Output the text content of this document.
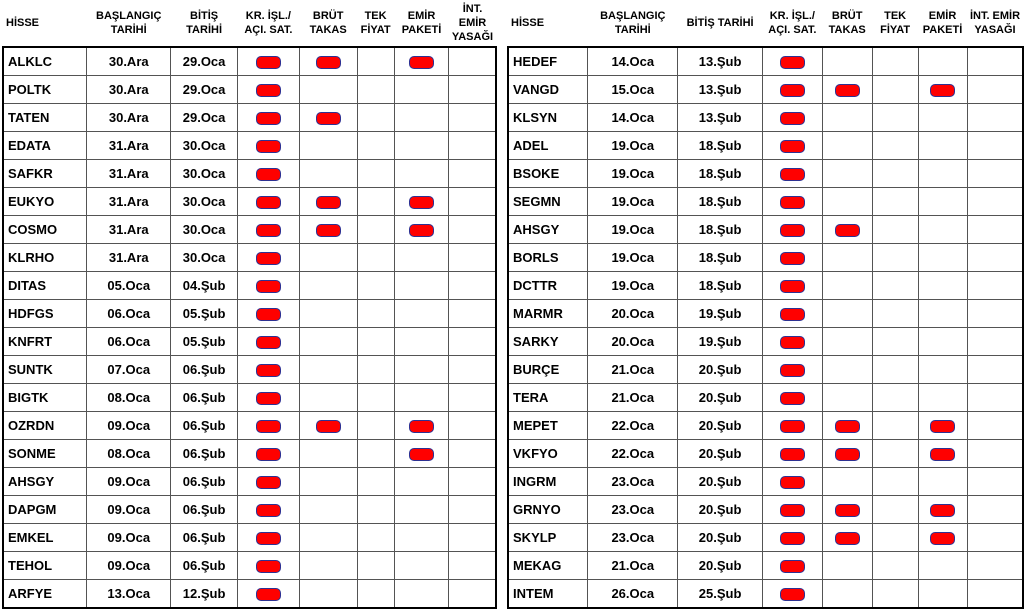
HİSSE	BAŞLANGIÇ TARİHİ	BİTİŞ TARİHİ	KR. İŞL./ AÇI. SAT.	BRÜT TAKAS	TEK FİYAT	EMİR PAKETİ	İNT. EMİR YASAĞI
ALKLC	30.Ara	29.Oca					
POLTK	30.Ara	29.Oca					
TATEN	30.Ara	29.Oca					
EDATA	31.Ara	30.Oca					
SAFKR	31.Ara	30.Oca					
EUKYO	31.Ara	30.Oca					
COSMO	31.Ara	30.Oca					
KLRHO	31.Ara	30.Oca					
DITAS	05.Oca	04.Şub					
HDFGS	06.Oca	05.Şub					
KNFRT	06.Oca	05.Şub					
SUNTK	07.Oca	06.Şub					
BIGTK	08.Oca	06.Şub					
OZRDN	09.Oca	06.Şub					
SONME	08.Oca	06.Şub					
AHSGY	09.Oca	06.Şub					
DAPGM	09.Oca	06.Şub					
EMKEL	09.Oca	06.Şub					
TEHOL	09.Oca	06.Şub					
ARFYE	13.Oca	12.Şub					
HİSSE	BAŞLANGIÇ TARİHİ	BİTİŞ TARİHİ	KR. İŞL./ AÇI. SAT.	BRÜT TAKAS	TEK FİYAT	EMİR PAKETİ	İNT. EMİR YASAĞI
HEDEF	14.Oca	13.Şub					
VANGD	15.Oca	13.Şub					
KLSYN	14.Oca	13.Şub					
ADEL	19.Oca	18.Şub					
BSOKE	19.Oca	18.Şub					
SEGMN	19.Oca	18.Şub					
AHSGY	19.Oca	18.Şub					
BORLS	19.Oca	18.Şub					
DCTTR	19.Oca	18.Şub					
MARMR	20.Oca	19.Şub					
SARKY	20.Oca	19.Şub					
BURÇE	21.Oca	20.Şub					
TERA	21.Oca	20.Şub					
MEPET	22.Oca	20.Şub					
VKFYO	22.Oca	20.Şub					
INGRM	23.Oca	20.Şub					
GRNYO	23.Oca	20.Şub					
SKYLP	23.Oca	20.Şub					
MEKAG	21.Oca	20.Şub					
INTEM	26.Oca	25.Şub					
